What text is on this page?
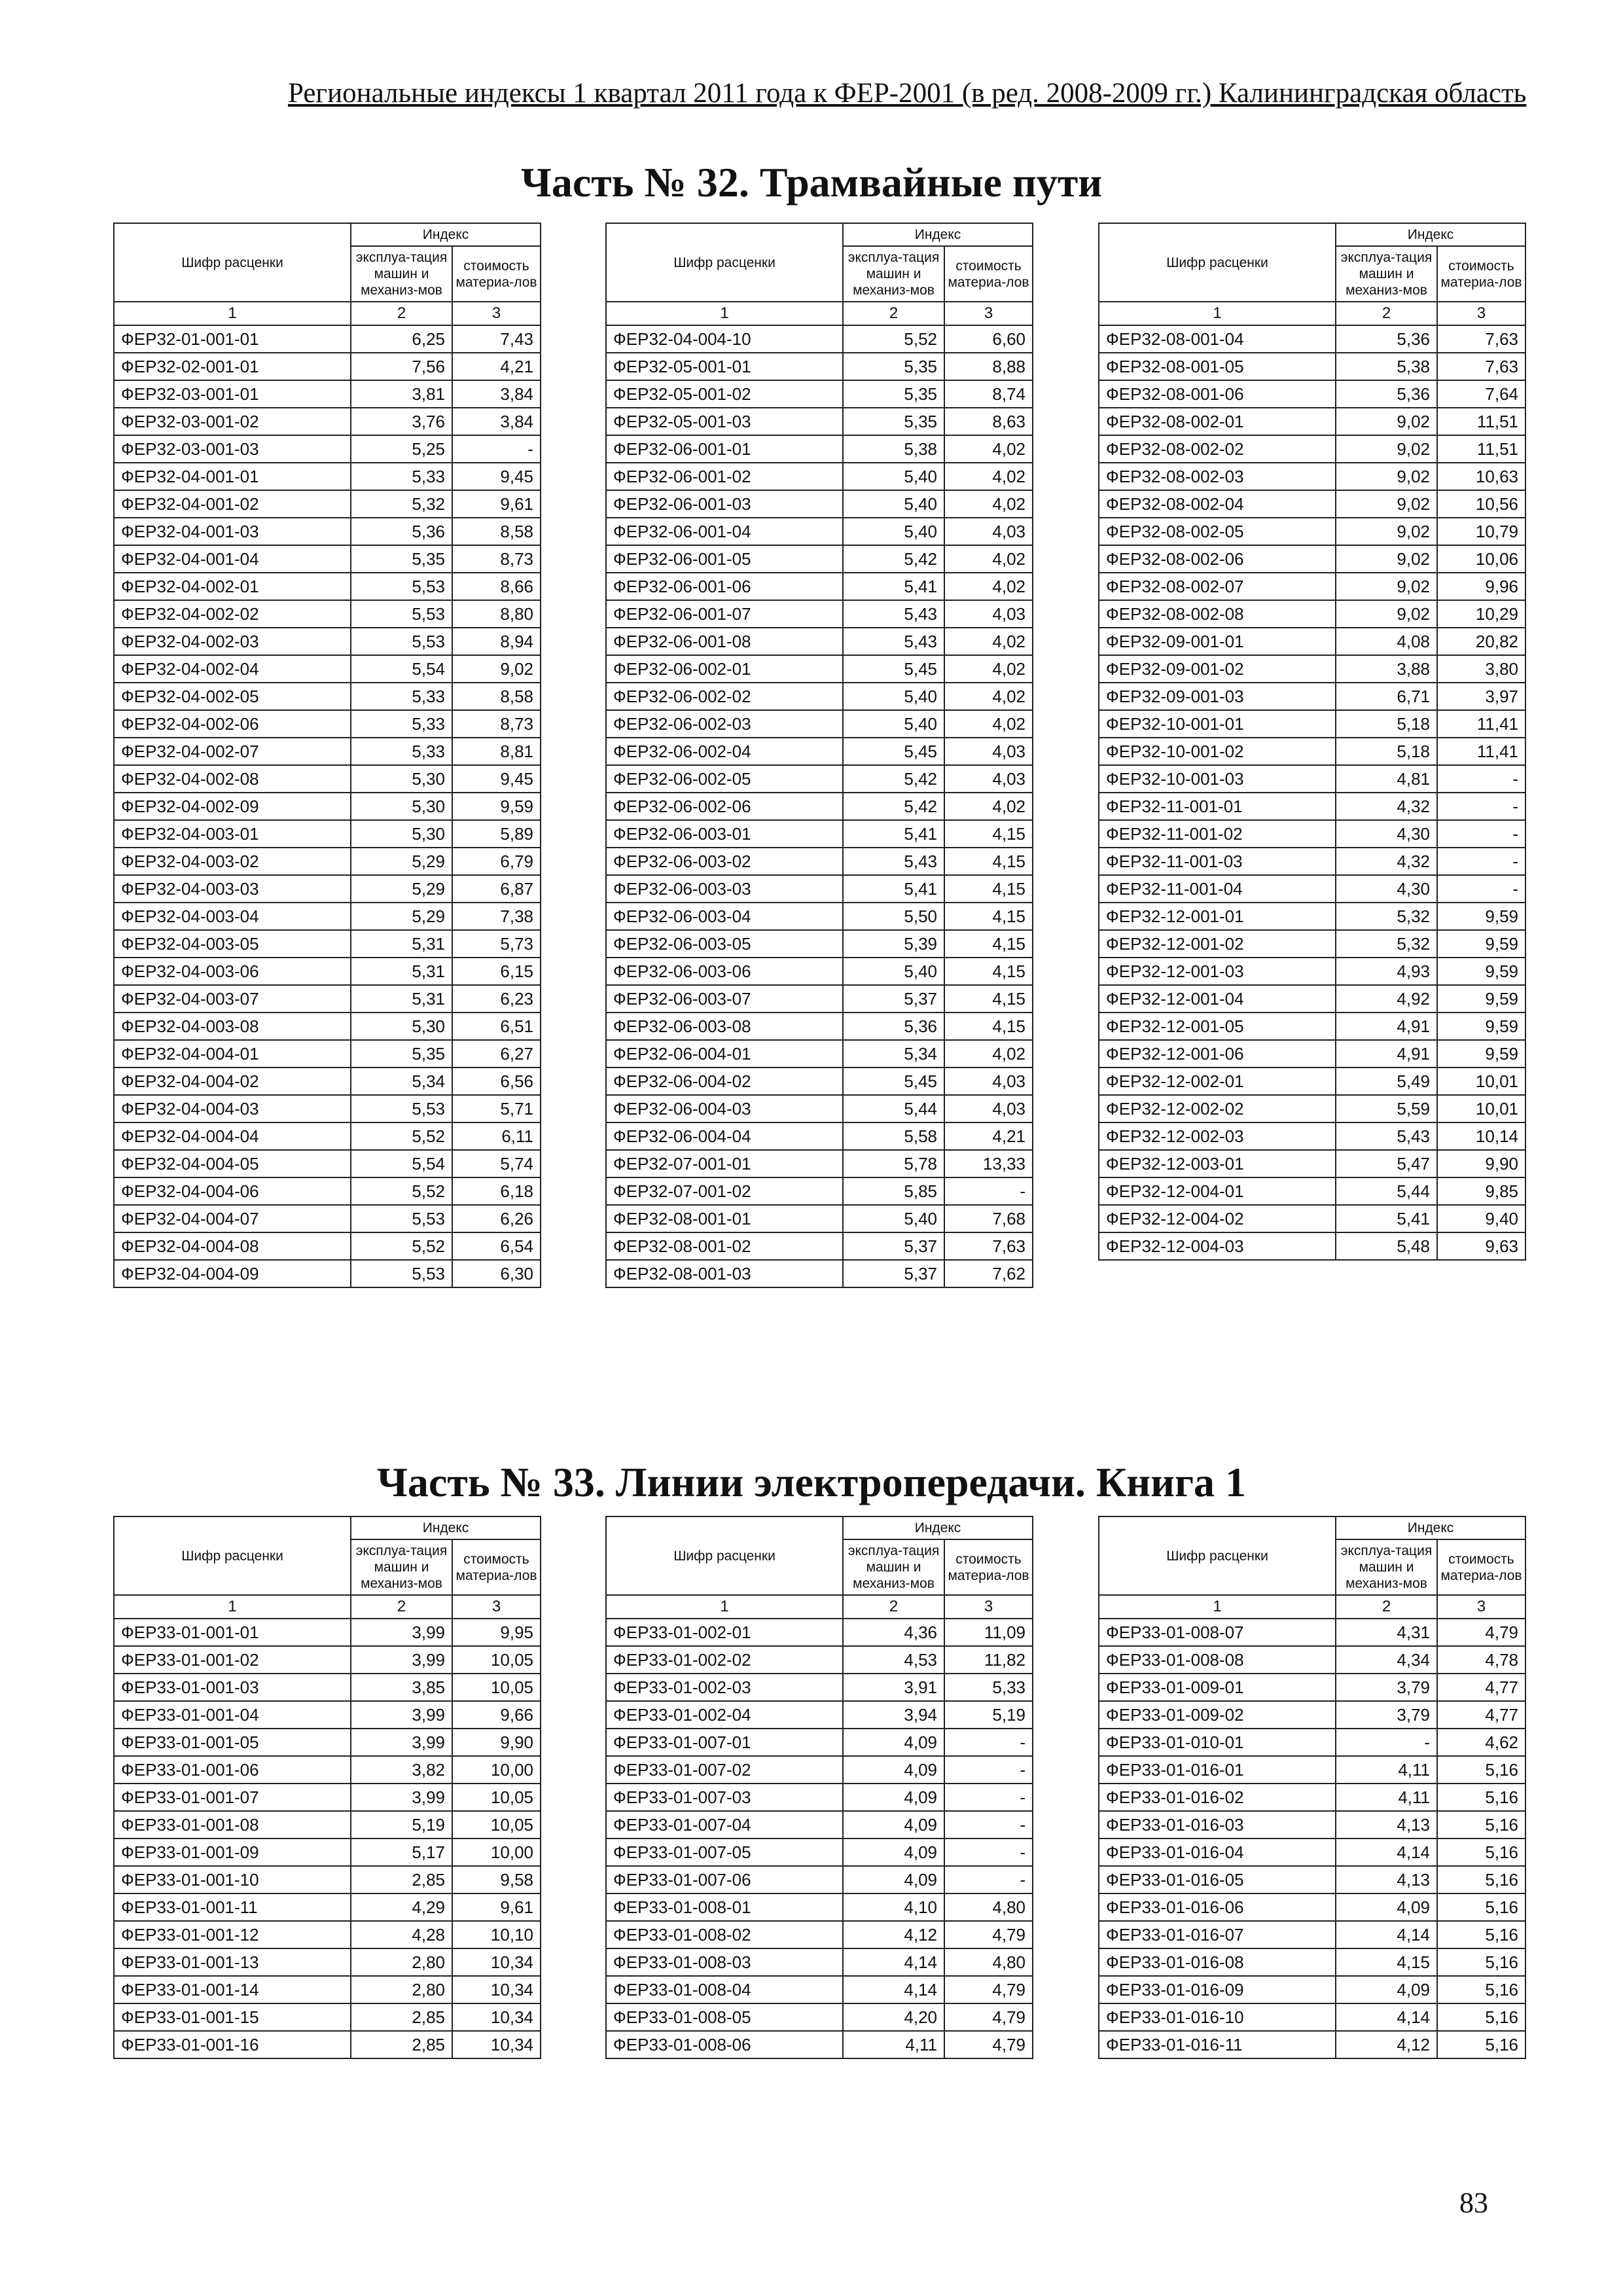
Региональные индексы 1 квартал 2011 года к ФЕР-2001 (в ред. 2008-2009 гг.) Калининградская область
Часть № 32. Трамвайные пути
Часть № 33. Линии электропередачи. Книга 1
Шифр расценки	Индекс	
	эксплуа-тация машин и механиз-мов	стоимость материа-лов
1	2	3
ФЕР32-01-001-01	6,25	7,43
ФЕР32-02-001-01	7,56	4,21
ФЕР32-03-001-01	3,81	3,84
ФЕР32-03-001-02	3,76	3,84
ФЕР32-03-001-03	5,25	-
ФЕР32-04-001-01	5,33	9,45
ФЕР32-04-001-02	5,32	9,61
ФЕР32-04-001-03	5,36	8,58
ФЕР32-04-001-04	5,35	8,73
ФЕР32-04-002-01	5,53	8,66
ФЕР32-04-002-02	5,53	8,80
ФЕР32-04-002-03	5,53	8,94
ФЕР32-04-002-04	5,54	9,02
ФЕР32-04-002-05	5,33	8,58
ФЕР32-04-002-06	5,33	8,73
ФЕР32-04-002-07	5,33	8,81
ФЕР32-04-002-08	5,30	9,45
ФЕР32-04-002-09	5,30	9,59
ФЕР32-04-003-01	5,30	5,89
ФЕР32-04-003-02	5,29	6,79
ФЕР32-04-003-03	5,29	6,87
ФЕР32-04-003-04	5,29	7,38
ФЕР32-04-003-05	5,31	5,73
ФЕР32-04-003-06	5,31	6,15
ФЕР32-04-003-07	5,31	6,23
ФЕР32-04-003-08	5,30	6,51
ФЕР32-04-004-01	5,35	6,27
ФЕР32-04-004-02	5,34	6,56
ФЕР32-04-004-03	5,53	5,71
ФЕР32-04-004-04	5,52	6,11
ФЕР32-04-004-05	5,54	5,74
ФЕР32-04-004-06	5,52	6,18
ФЕР32-04-004-07	5,53	6,26
ФЕР32-04-004-08	5,52	6,54
ФЕР32-04-004-09	5,53	6,30
Шифр расценки	Индекс	
	эксплуа-тация машин и механиз-мов	стоимость материа-лов
1	2	3
ФЕР32-04-004-10	5,52	6,60
ФЕР32-05-001-01	5,35	8,88
ФЕР32-05-001-02	5,35	8,74
ФЕР32-05-001-03	5,35	8,63
ФЕР32-06-001-01	5,38	4,02
ФЕР32-06-001-02	5,40	4,02
ФЕР32-06-001-03	5,40	4,02
ФЕР32-06-001-04	5,40	4,03
ФЕР32-06-001-05	5,42	4,02
ФЕР32-06-001-06	5,41	4,02
ФЕР32-06-001-07	5,43	4,03
ФЕР32-06-001-08	5,43	4,02
ФЕР32-06-002-01	5,45	4,02
ФЕР32-06-002-02	5,40	4,02
ФЕР32-06-002-03	5,40	4,02
ФЕР32-06-002-04	5,45	4,03
ФЕР32-06-002-05	5,42	4,03
ФЕР32-06-002-06	5,42	4,02
ФЕР32-06-003-01	5,41	4,15
ФЕР32-06-003-02	5,43	4,15
ФЕР32-06-003-03	5,41	4,15
ФЕР32-06-003-04	5,50	4,15
ФЕР32-06-003-05	5,39	4,15
ФЕР32-06-003-06	5,40	4,15
ФЕР32-06-003-07	5,37	4,15
ФЕР32-06-003-08	5,36	4,15
ФЕР32-06-004-01	5,34	4,02
ФЕР32-06-004-02	5,45	4,03
ФЕР32-06-004-03	5,44	4,03
ФЕР32-06-004-04	5,58	4,21
ФЕР32-07-001-01	5,78	13,33
ФЕР32-07-001-02	5,85	-
ФЕР32-08-001-01	5,40	7,68
ФЕР32-08-001-02	5,37	7,63
ФЕР32-08-001-03	5,37	7,62
Шифр расценки	Индекс	
	эксплуа-тация машин и механиз-мов	стоимость материа-лов
1	2	3
ФЕР32-08-001-04	5,36	7,63
ФЕР32-08-001-05	5,38	7,63
ФЕР32-08-001-06	5,36	7,64
ФЕР32-08-002-01	9,02	11,51
ФЕР32-08-002-02	9,02	11,51
ФЕР32-08-002-03	9,02	10,63
ФЕР32-08-002-04	9,02	10,56
ФЕР32-08-002-05	9,02	10,79
ФЕР32-08-002-06	9,02	10,06
ФЕР32-08-002-07	9,02	9,96
ФЕР32-08-002-08	9,02	10,29
ФЕР32-09-001-01	4,08	20,82
ФЕР32-09-001-02	3,88	3,80
ФЕР32-09-001-03	6,71	3,97
ФЕР32-10-001-01	5,18	11,41
ФЕР32-10-001-02	5,18	11,41
ФЕР32-10-001-03	4,81	-
ФЕР32-11-001-01	4,32	-
ФЕР32-11-001-02	4,30	-
ФЕР32-11-001-03	4,32	-
ФЕР32-11-001-04	4,30	-
ФЕР32-12-001-01	5,32	9,59
ФЕР32-12-001-02	5,32	9,59
ФЕР32-12-001-03	4,93	9,59
ФЕР32-12-001-04	4,92	9,59
ФЕР32-12-001-05	4,91	9,59
ФЕР32-12-001-06	4,91	9,59
ФЕР32-12-002-01	5,49	10,01
ФЕР32-12-002-02	5,59	10,01
ФЕР32-12-002-03	5,43	10,14
ФЕР32-12-003-01	5,47	9,90
ФЕР32-12-004-01	5,44	9,85
ФЕР32-12-004-02	5,41	9,40
ФЕР32-12-004-03	5,48	9,63
Шифр расценки	Индекс	
	эксплуа-тация машин и механиз-мов	стоимость материа-лов
1	2	3
ФЕР33-01-001-01	3,99	9,95
ФЕР33-01-001-02	3,99	10,05
ФЕР33-01-001-03	3,85	10,05
ФЕР33-01-001-04	3,99	9,66
ФЕР33-01-001-05	3,99	9,90
ФЕР33-01-001-06	3,82	10,00
ФЕР33-01-001-07	3,99	10,05
ФЕР33-01-001-08	5,19	10,05
ФЕР33-01-001-09	5,17	10,00
ФЕР33-01-001-10	2,85	9,58
ФЕР33-01-001-11	4,29	9,61
ФЕР33-01-001-12	4,28	10,10
ФЕР33-01-001-13	2,80	10,34
ФЕР33-01-001-14	2,80	10,34
ФЕР33-01-001-15	2,85	10,34
ФЕР33-01-001-16	2,85	10,34
Шифр расценки	Индекс	
	эксплуа-тация машин и механиз-мов	стоимость материа-лов
1	2	3
ФЕР33-01-002-01	4,36	11,09
ФЕР33-01-002-02	4,53	11,82
ФЕР33-01-002-03	3,91	5,33
ФЕР33-01-002-04	3,94	5,19
ФЕР33-01-007-01	4,09	-
ФЕР33-01-007-02	4,09	-
ФЕР33-01-007-03	4,09	-
ФЕР33-01-007-04	4,09	-
ФЕР33-01-007-05	4,09	-
ФЕР33-01-007-06	4,09	-
ФЕР33-01-008-01	4,10	4,80
ФЕР33-01-008-02	4,12	4,79
ФЕР33-01-008-03	4,14	4,80
ФЕР33-01-008-04	4,14	4,79
ФЕР33-01-008-05	4,20	4,79
ФЕР33-01-008-06	4,11	4,79
Шифр расценки	Индекс	
	эксплуа-тация машин и механиз-мов	стоимость материа-лов
1	2	3
ФЕР33-01-008-07	4,31	4,79
ФЕР33-01-008-08	4,34	4,78
ФЕР33-01-009-01	3,79	4,77
ФЕР33-01-009-02	3,79	4,77
ФЕР33-01-010-01	-	4,62
ФЕР33-01-016-01	4,11	5,16
ФЕР33-01-016-02	4,11	5,16
ФЕР33-01-016-03	4,13	5,16
ФЕР33-01-016-04	4,14	5,16
ФЕР33-01-016-05	4,13	5,16
ФЕР33-01-016-06	4,09	5,16
ФЕР33-01-016-07	4,14	5,16
ФЕР33-01-016-08	4,15	5,16
ФЕР33-01-016-09	4,09	5,16
ФЕР33-01-016-10	4,14	5,16
ФЕР33-01-016-11	4,12	5,16
83
